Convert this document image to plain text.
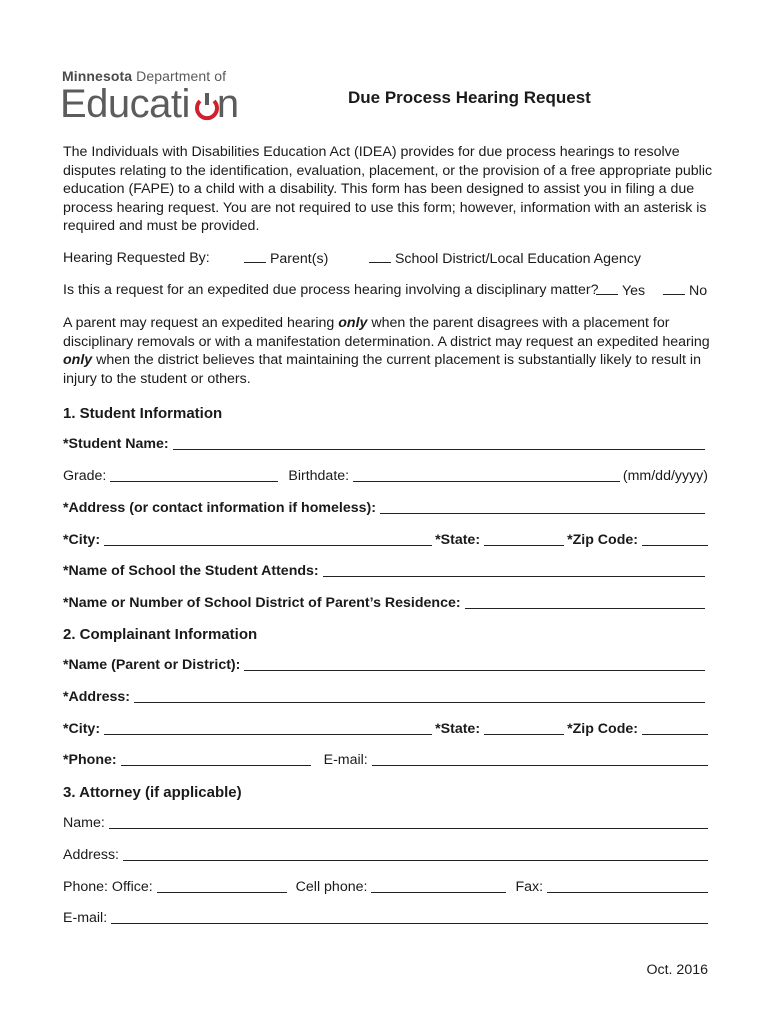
Minnesota Department of
Educati n	Due Process Hearing Request
The Individuals with Disabilities Education Act (IDEA) provides for due process hearings to resolve disputes relating to the identification, evaluation, placement, or the provision of a free appropriate public education (FAPE) to a child with a disability. This form has been designed to assist you in filing a due process hearing request. You are not required to use this form; however, information with an asterisk is required and must be provided.
Hearing Requested By:	Parent(s)	School District/Local Education Agency
Is this a request for an expedited due process hearing involving a disciplinary matter?	Yes	No
A parent may request an expedited hearing only when the parent disagrees with a placement for disciplinary removals or with a manifestation determination. A district may request an expedited hearing only when the district believes that maintaining the current placement is substantially likely to result in injury to the student or others.
1. Student Information
*Student Name:
Grade:	Birthdate:	(mm/dd/yyyy)
*Address (or contact information if homeless):
*City:	*State:	*Zip Code:
*Name of School the Student Attends:
*Name or Number of School District of Parent’s Residence:
2. Complainant Information
*Name (Parent or District):
*Address:
*City:	*State:	*Zip Code:
*Phone:	E-mail:
3. Attorney (if applicable)
Name:
Address:
Phone: Office:	Cell phone:	Fax:
E-mail:
Oct. 2016
